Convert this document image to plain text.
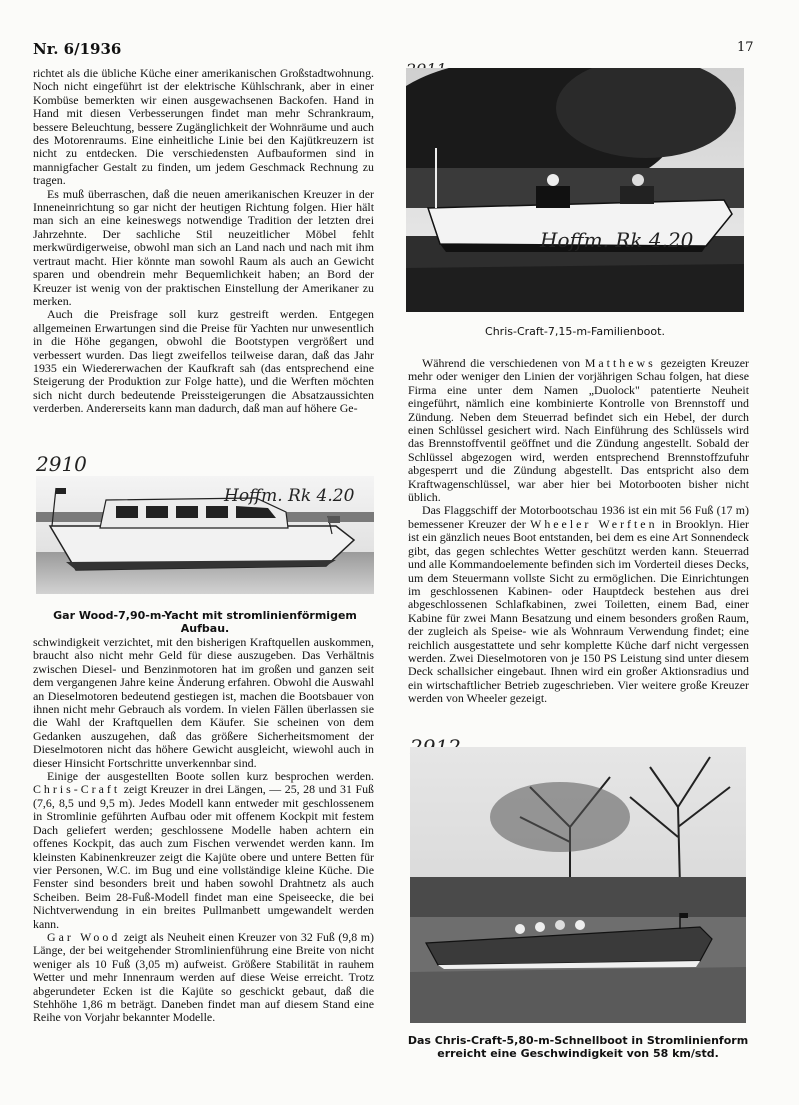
Nr. 6/1936	17

richtet als die übliche Küche einer amerikanischen Großstadtwohnung. Noch nicht eingeführt ist der elektrische Kühlschrank, aber in einer Kombüse bemerkten wir einen ausgewachsenen Backofen. Hand in Hand mit diesen Verbesserungen findet man mehr Schrankraum, bessere Beleuchtung, bessere Zugänglichkeit der Wohnräume und auch des Motorenraums. Eine einheitliche Linie bei den Kajütkreuzern ist nicht zu entdecken. Die verschiedensten Aufbauformen sind in mannigfacher Gestalt zu finden, um jedem Geschmack Rechnung zu tragen.

Es muß überraschen, daß die neuen amerikanischen Kreuzer in der Inneneinrichtung so gar nicht der heutigen Richtung folgen. Hier hält man sich an eine keineswegs notwendige Tradition der letzten drei Jahrzehnte. Der sachliche Stil neuzeitlicher Möbel fehlt merkwürdigerweise, obwohl man sich an Land nach und nach mit ihm vertraut macht. Hier könnte man sowohl Raum als auch an Gewicht sparen und obendrein mehr Bequemlichkeit haben; an Bord der Kreuzer ist wenig von der praktischen Einstellung der Amerikaner zu merken.

Auch die Preisfrage soll kurz gestreift werden. Entgegen allgemeinen Erwartungen sind die Preise für Yachten nur unwesentlich in die Höhe gegangen, obwohl die Bootstypen vergrößert und verbessert wurden. Das liegt zweifellos teilweise daran, daß das Jahr 1935 ein Wiedererwachen der Kaufkraft sah (das entsprechend eine Steigerung der Produktion zur Folge hatte), und die Werften möchten sich nicht durch bedeutende Preissteigerungen die Absatzaussichten verderben. Andererseits kann man dadurch, daß man auf höhere Ge-

2910
Hoffm. Rk 4.20
Gar Wood-7,90-m-Yacht mit stromlinienförmigem Aufbau.

schwindigkeit verzichtet, mit den bisherigen Kraftquellen auskommen, braucht also nicht mehr Geld für diese auszugeben. Das Verhältnis zwischen Diesel- und Benzinmotoren hat im großen und ganzen seit dem vergangenen Jahre keine Änderung erfahren. Obwohl die Auswahl an Dieselmotoren bedeutend gestiegen ist, machen die Bootsbauer von ihnen nicht mehr Gebrauch als vordem. In vielen Fällen überlassen sie die Wahl der Kraftquellen dem Käufer. Sie scheinen von dem Gedanken auszugehen, daß das größere Sicherheitsmoment der Dieselmotoren nicht das höhere Gewicht ausgleicht, wiewohl auch in dieser Hinsicht Fortschritte unverkennbar sind.

Einige der ausgestellten Boote sollen kurz besprochen werden. Chris-Craft zeigt Kreuzer in drei Längen, — 25, 28 und 31 Fuß (7,6, 8,5 und 9,5 m). Jedes Modell kann entweder mit geschlossenem in Stromlinie geführten Aufbau oder mit offenem Kockpit mit festem Dach geliefert werden; geschlossene Modelle haben achtern ein offenes Kockpit, das auch zum Fischen verwendet werden kann. Im kleinsten Kabinenkreuzer zeigt die Kajüte obere und untere Betten für vier Personen, W.C. im Bug und eine vollständige kleine Küche. Die Fenster sind besonders breit und haben sowohl Drahtnetz als auch Scheiben. Beim 28-Fuß-Modell findet man eine Speiseecke, die bei Nichtverwendung in ein breites Pullmanbett umgewandelt werden kann.

Gar Wood zeigt als Neuheit einen Kreuzer von 32 Fuß (9,8 m) Länge, der bei weitgehender Stromlinienführung eine Breite von nicht weniger als 10 Fuß (3,05 m) aufweist. Größere Stabilität in rauhem Wetter und mehr Innenraum werden auf diese Weise erreicht. Trotz abgerundeter Ecken ist die Kajüte so geschickt gebaut, daß die Stehhöhe 1,86 m beträgt. Daneben findet man auf diesem Stand eine Reihe von Vorjahr bekannter Modelle.

Hoffm. Rk 4.20
Chris-Craft-7,15-m-Familienboot.

Während die verschiedenen von Matthews gezeigten Kreuzer mehr oder weniger den Linien der vorjährigen Schau folgen, hat diese Firma eine unter dem Namen „Duolock" patentierte Neuheit eingeführt, nämlich eine kombinierte Kontrolle von Brennstoff und Zündung. Neben dem Steuerrad befindet sich ein Hebel, der durch einen Schlüssel gesichert wird. Nach Einführung des Schlüssels wird das Brennstoffventil geöffnet und die Zündung angestellt. Sobald der Schlüssel abgezogen wird, werden entsprechend Brennstoffzufuhr abgesperrt und die Zündung abgestellt. Das entspricht also dem Kraftwagenschlüssel, war aber hier bei Motorbooten bisher nicht üblich.

Das Flaggschiff der Motorbootschau 1936 ist ein mit 56 Fuß (17 m) bemessener Kreuzer der Wheeler Werften in Brooklyn. Hier ist ein gänzlich neues Boot entstanden, bei dem es eine Art Sonnendeck gibt, das gegen schlechtes Wetter geschützt werden kann. Steuerrad und alle Kommandoelemente befinden sich im Vorderteil dieses Decks, um dem Steuermann vollste Sicht zu ermöglichen. Die Einrichtungen im geschlossenen Kabinen- oder Hauptdeck bestehen aus drei abgeschlossenen Schlafkabinen, zwei Toiletten, einem Bad, einer Kabine für zwei Mann Besatzung und einem besonders großen Raum, der zugleich als Speise- wie als Wohnraum Verwendung findet; eine reichlich ausgestattete und sehr komplette Küche darf nicht vergessen werden. Zwei Dieselmotoren von je 150 PS Leistung sind unter diesem Deck schallsicher eingebaut. Ihnen wird ein großer Aktionsradius und ein wirtschaftlicher Betrieb zugeschrieben. Vier weitere große Kreuzer werden von Wheeler gezeigt.

Das Chris-Craft-5,80-m-Schnellboot in Stromlinienform erreicht eine Geschwindigkeit von 58 km/std.
